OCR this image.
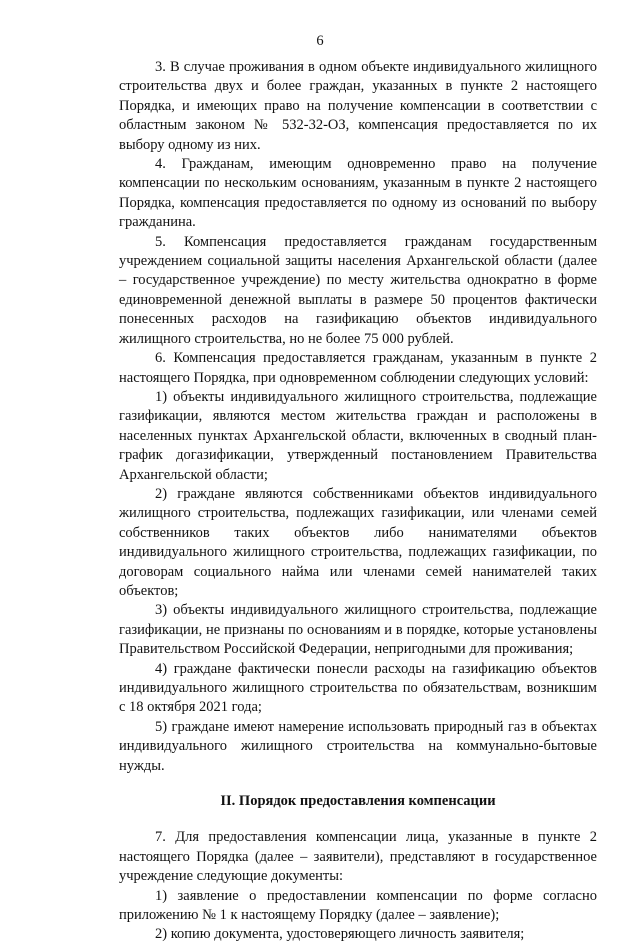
6

3. В случае проживания в одном объекте индивидуального жилищного строительства двух и более граждан, указанных в пункте 2 настоящего Порядка, и имеющих право на получение компенсации в соответствии с областным законом № 532-32-ОЗ, компенсация предоставляется по их выбору одному из них.

4. Гражданам, имеющим одновременно право на получение компенсации по нескольким основаниям, указанным в пункте 2 настоящего Порядка, компенсация предоставляется по одному из оснований по выбору гражданина.

5. Компенсация предоставляется гражданам государственным учреждением социальной защиты населения Архангельской области (далее – государственное учреждение) по месту жительства однократно в форме единовременной денежной выплаты в размере 50 процентов фактически понесенных расходов на газификацию объектов индивидуального жилищного строительства, но не более 75 000 рублей.

6. Компенсация предоставляется гражданам, указанным в пункте 2 настоящего Порядка, при одновременном соблюдении следующих условий:

1) объекты индивидуального жилищного строительства, подлежащие газификации, являются местом жительства граждан и расположены в населенных пунктах Архангельской области, включенных в сводный план-график догазификации, утвержденный постановлением Правительства Архангельской области;

2) граждане являются собственниками объектов индивидуального жилищного строительства, подлежащих газификации, или членами семей собственников таких объектов либо нанимателями объектов индивидуального жилищного строительства, подлежащих газификации, по договорам социального найма или членами семей нанимателей таких объектов;

3) объекты индивидуального жилищного строительства, подлежащие газификации, не признаны по основаниям и в порядке, которые установлены Правительством Российской Федерации, непригодными для проживания;

4) граждане фактически понесли расходы на газификацию объектов индивидуального жилищного строительства по обязательствам, возникшим с 18 октября 2021 года;

5) граждане имеют намерение использовать природный газ в объектах индивидуального жилищного строительства на коммунально-бытовые нужды.

II. Порядок предоставления компенсации

7. Для предоставления компенсации лица, указанные в пункте 2 настоящего Порядка (далее – заявители), представляют в государственное учреждение следующие документы:

1) заявление о предоставлении компенсации по форме согласно приложению № 1 к настоящему Порядку (далее – заявление);

2) копию документа, удостоверяющего личность заявителя;
